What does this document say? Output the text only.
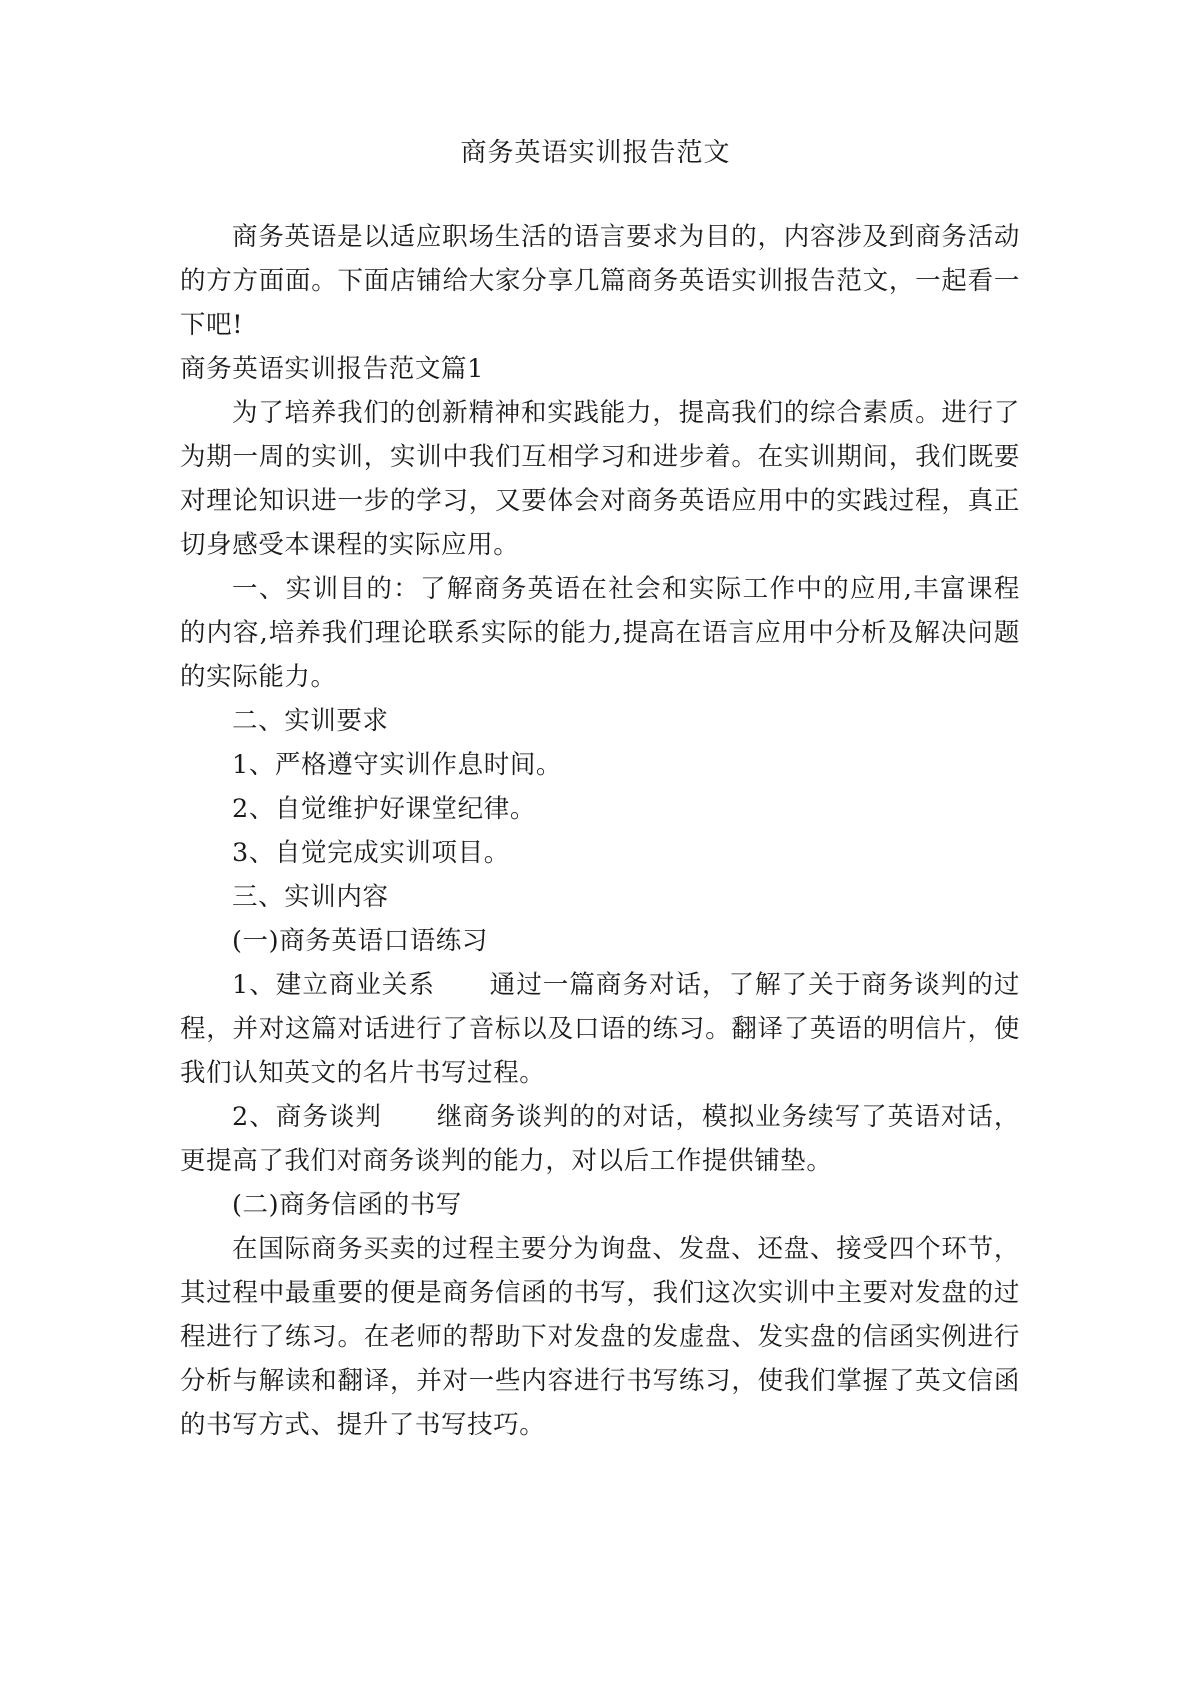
商务英语实训报告范文

商务英语是以适应职场生活的语言要求为目的，内容涉及到商务活动的方方面面。下面店铺给大家分享几篇商务英语实训报告范文，一起看一下吧!

商务英语实训报告范文篇1

为了培养我们的创新精神和实践能力，提高我们的综合素质。进行了为期一周的实训，实训中我们互相学习和进步着。在实训期间，我们既要对理论知识进一步的学习，又要体会对商务英语应用中的实践过程，真正切身感受本课程的实际应用。

一、实训目的：了解商务英语在社会和实际工作中的应用,丰富课程的内容,培养我们理论联系实际的能力,提高在语言应用中分析及解决问题的实际能力。

二、实训要求

1、严格遵守实训作息时间。

2、自觉维护好课堂纪律。

3、自觉完成实训项目。

三、实训内容

(一)商务英语口语练习

1、建立商业关系      通过一篇商务对话，了解了关于商务谈判的过程，并对这篇对话进行了音标以及口语的练习。翻译了英语的明信片，使我们认知英文的名片书写过程。

2、商务谈判      继商务谈判的的对话，模拟业务续写了英语对话，更提高了我们对商务谈判的能力，对以后工作提供铺垫。

(二)商务信函的书写

在国际商务买卖的过程主要分为询盘、发盘、还盘、接受四个环节，其过程中最重要的便是商务信函的书写，我们这次实训中主要对发盘的过程进行了练习。在老师的帮助下对发盘的发虚盘、发实盘的信函实例进行分析与解读和翻译，并对一些内容进行书写练习，使我们掌握了英文信函的书写方式、提升了书写技巧。
